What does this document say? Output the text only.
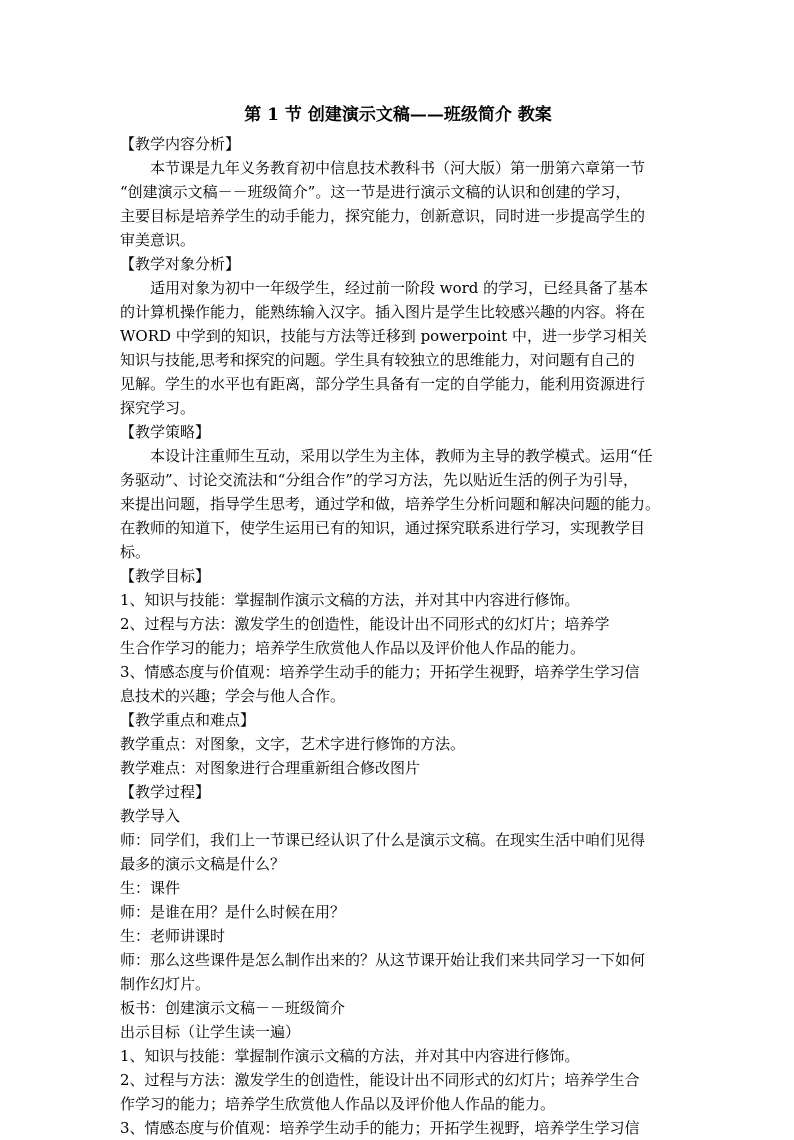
第 1 节 创建演示文稿——班级简介 教案
【教学内容分析】
本节课是九年义务教育初中信息技术教科书（河大版）第一册第六章第一节
“创建演示文稿－－班级简介”。这一节是进行演示文稿的认识和创建的学习，
主要目标是培养学生的动手能力，探究能力，创新意识，同时进一步提高学生的
审美意识。
【教学对象分析】
适用对象为初中一年级学生，经过前一阶段 word 的学习，已经具备了基本
的计算机操作能力，能熟练输入汉字。插入图片是学生比较感兴趣的内容。将在
WORD 中学到的知识，技能与方法等迁移到 powerpoint 中，进一步学习相关
知识与技能,思考和探究的问题。学生具有较独立的思维能力，对问题有自己的
见解。学生的水平也有距离，部分学生具备有一定的自学能力，能利用资源进行
探究学习。
【教学策略】
本设计注重师生互动，采用以学生为主体，教师为主导的教学模式。运用“任
务驱动”、讨论交流法和“分组合作”的学习方法，先以贴近生活的例子为引导，
来提出问题，指导学生思考，通过学和做，培养学生分析问题和解决问题的能力。
在教师的知道下，使学生运用已有的知识，通过探究联系进行学习，实现教学目
标。
【教学目标】
1、知识与技能：掌握制作演示文稿的方法，并对其中内容进行修饰。
2、过程与方法：激发学生的创造性，能设计出不同形式的幻灯片；培养学
生合作学习的能力；培养学生欣赏他人作品以及评价他人作品的能力。
3、情感态度与价值观：培养学生动手的能力；开拓学生视野，培养学生学习信
息技术的兴趣；学会与他人合作。
【教学重点和难点】
教学重点：对图象，文字，艺术字进行修饰的方法。
教学难点：对图象进行合理重新组合修改图片
【教学过程】
教学导入
师：同学们，我们上一节课已经认识了什么是演示文稿。在现实生活中咱们见得
最多的演示文稿是什么？
生：课件
师：是谁在用？是什么时候在用？
生：老师讲课时
师：那么这些课件是怎么制作出来的？从这节课开始让我们来共同学习一下如何
制作幻灯片。
板书：创建演示文稿－－班级简介
出示目标（让学生读一遍）
1、知识与技能：掌握制作演示文稿的方法，并对其中内容进行修饰。
2、过程与方法：激发学生的创造性，能设计出不同形式的幻灯片；培养学生合
作学习的能力；培养学生欣赏他人作品以及评价他人作品的能力。
3、情感态度与价值观：培养学生动手的能力；开拓学生视野，培养学生学习信
